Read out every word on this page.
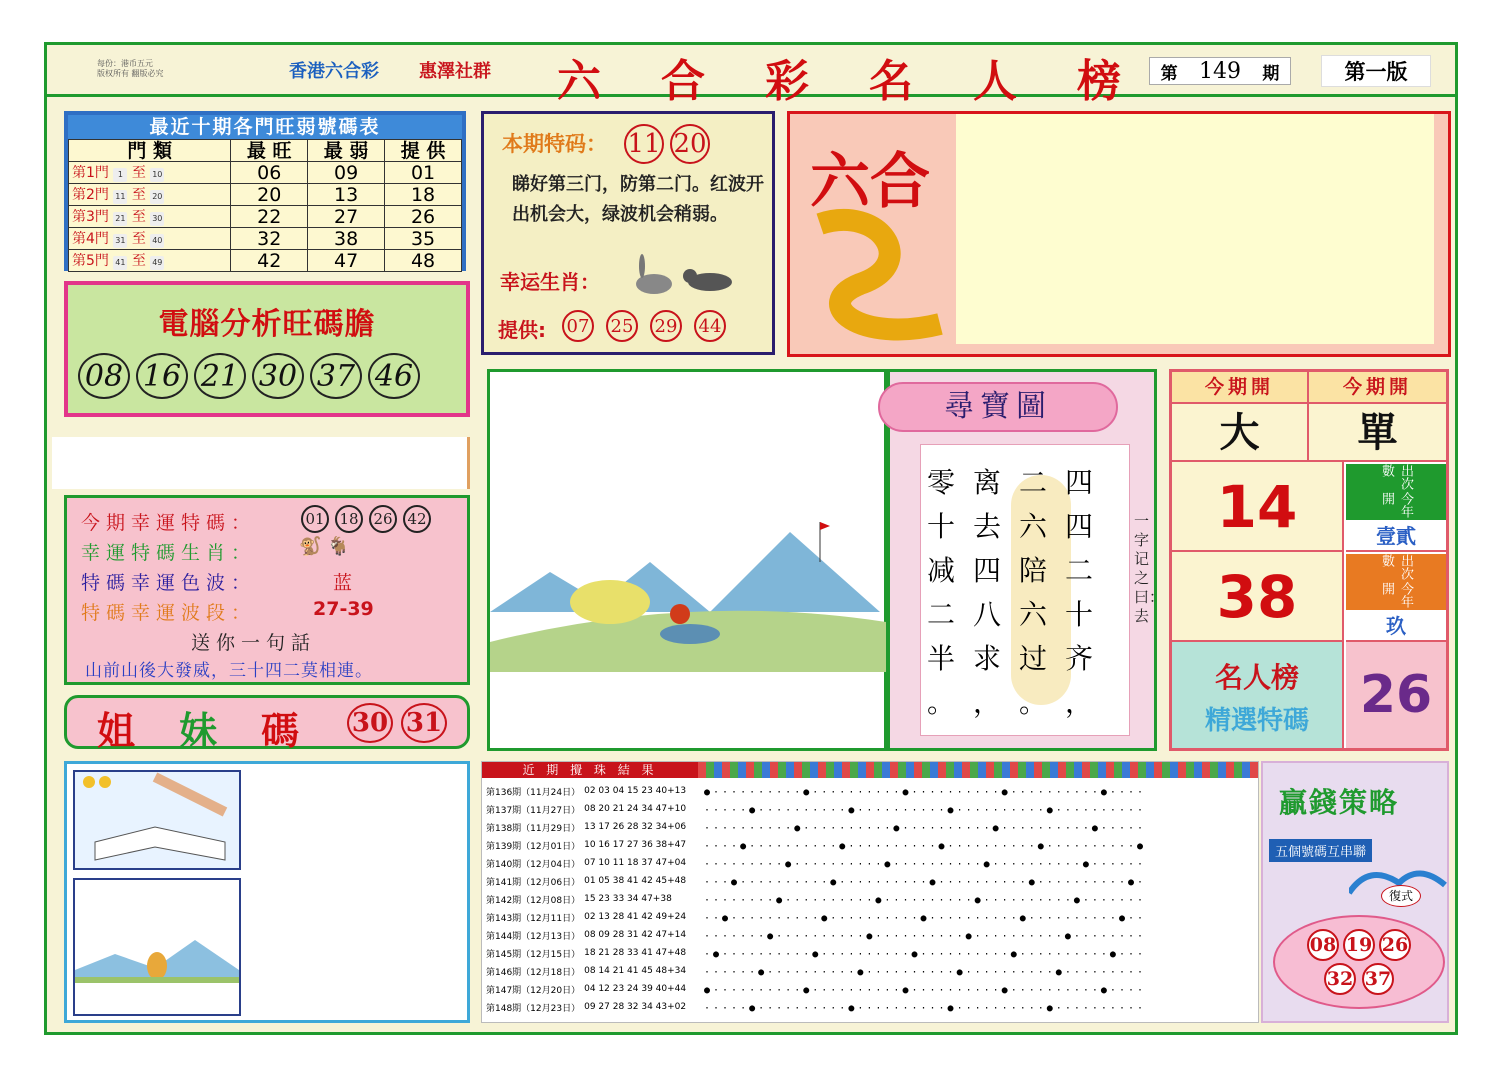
每份：港币五元
版权所有 翻版必究	香港六合彩 惠澤社群 六 合 彩 名 人 榜 第 149 期	第一版
最近十期各門旺弱號碼表
門 類	最 旺	最 弱	提 供
第1門 1 至 10	06	09	01
第2門 11 至 20	20	13	18
第3門 21 至 30	22	27	26
第4門 31 至 40	32	38	35
第5門 41 至 49	42	47	48
電腦分析旺碼膽
08 16 21 30 37 46
本期特码： 11 20
睇好第三门，防第二门。红波开出机会大，绿波机会稍弱。
幸运生肖：
提供: 07 25 29 44
六合
今期幸運特碼：	01 18 26 42
幸運特碼生肖： 🐒 🐐
特碼幸運色波：	蓝
特碼幸運波段：	27-39
送你一句話
山前山後大發威，三十四二莫相連。
姐 妹 碼 30 31
尋寶圖
四
四
二
十
齐
，
二
六
陪
六
过
。
离
去
四
八
求
，
零
十
减
二
半
。
一字记之曰：去
今期開	今期開
大	單
14	出次數
今年開
壹貳
38	出次數
今年開
玖
名人榜
精選特碼 26
近 期 攪 珠 結 果
第136期（11月24日）	02 03 04 15 23 40+13
第137期（11月27日）	08 20 21 24 34 47+10
第138期（11月29日）	13 17 26 28 32 34+06
第139期（12月01日）	10 16 17 27 36 38+47
第140期（12月04日）	07 10 11 18 37 47+04
第141期（12月06日）	01 05 38 41 42 45+48
第142期（12月08日）	15 23 33 34 47+38
第143期（12月11日）	02 13 28 41 42 49+24
第144期（12月13日）	08 09 28 31 42 47+14
第145期（12月15日）	18 21 28 33 41 47+48
第146期（12月18日）	08 14 21 41 45 48+34
第147期（12月20日）	04 12 23 24 39 40+44
第148期（12月23日）	09 27 28 32 34 43+02
●··········●··········●··········●··········●····
·····●··········●··········●··········●··········
··········●··········●··········●··········●·····
····●··········●··········●··········●··········●
·········●··········●··········●··········●······
···●··········●··········●··········●··········●·
········●··········●··········●··········●·······
··●··········●··········●··········●··········●··
·······●··········●··········●··········●········
·●··········●··········●··········●··········●···
······●··········●··········●··········●·········
●··········●··········●··········●··········●····
·····●··········●··········●··········●··········

贏錢策略
五個號碼互串聯
復式
08 19 26
32 37
